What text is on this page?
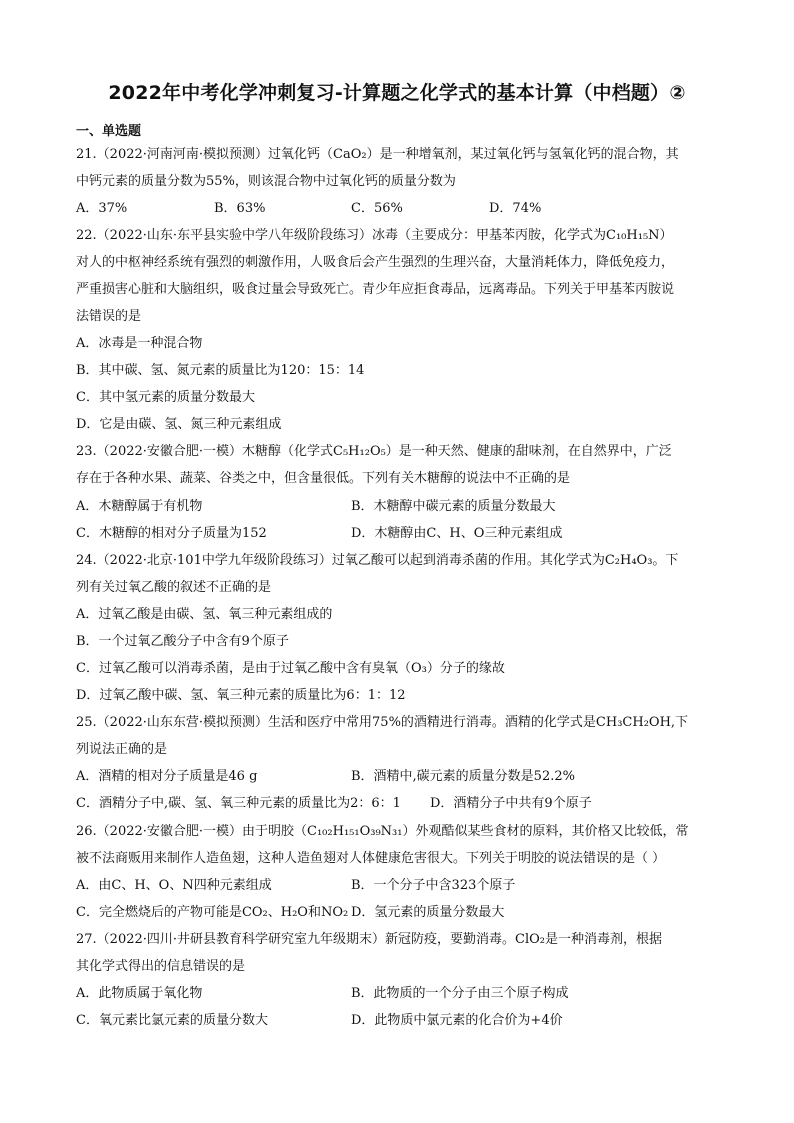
2022年中考化学冲刺复习-计算题之化学式的基本计算（中档题）②
一、单选题
21.（2022·河南河南·模拟预测）过氧化钙（CaO₂）是一种增氧剂，某过氧化钙与氢氧化钙的混合物，其
中钙元素的质量分数为55%，则该混合物中过氧化钙的质量分数为
A．37%	B．63%	C．56%	D．74%
22.（2022·山东·东平县实验中学八年级阶段练习）冰毒（主要成分：甲基苯丙胺，化学式为C₁₀H₁₅N）
对人的中枢神经系统有强烈的刺激作用，人吸食后会产生强烈的生理兴奋，大量消耗体力，降低免疫力，
严重损害心脏和大脑组织，吸食过量会导致死亡。青少年应拒食毒品，远离毒品。下列关于甲基苯丙胺说
法错误的是
A．冰毒是一种混合物
B．其中碳、氢、氮元素的质量比为120：15：14
C．其中氢元素的质量分数最大
D．它是由碳、氢、氮三种元素组成
23.（2022·安徽合肥·一模）木糖醇（化学式C₅H₁₂O₅）是一种天然、健康的甜味剂，在自然界中，广泛
存在于各种水果、蔬菜、谷类之中，但含量很低。下列有关木糖醇的说法中不正确的是
A．木糖醇属于有机物	B．木糖醇中碳元素的质量分数最大
C．木糖醇的相对分子质量为152	D．木糖醇由C、H、O三种元素组成
24.（2022·北京·101中学九年级阶段练习）过氧乙酸可以起到消毒杀菌的作用。其化学式为C₂H₄O₃。下
列有关过氧乙酸的叙述不正确的是
A．过氧乙酸是由碳、氢、氧三种元素组成的
B．一个过氧乙酸分子中含有9个原子
C．过氧乙酸可以消毒杀菌，是由于过氧乙酸中含有臭氧（O₃）分子的缘故
D．过氧乙酸中碳、氢、氧三种元素的质量比为6：1：12
25.（2022·山东东营·模拟预测）生活和医疗中常用75%的酒精进行消毒。酒精的化学式是CH₃CH₂OH,下
列说法正确的是
A．酒精的相对分子质量是46 g	B．酒精中,碳元素的质量分数是52.2%
C．酒精分子中,碳、氢、氧三种元素的质量比为2：6：1 D．酒精分子中共有9个原子
26.（2022·安徽合肥·一模）由于明胶（C₁₀₂H₁₅₁O₃₉N₃₁）外观酷似某些食材的原料，其价格又比较低，常
被不法商贩用来制作人造鱼翅，这种人造鱼翅对人体健康危害很大。下列关于明胶的说法错误的是（ ）
A．由C、H、O、N四种元素组成	B．一个分子中含323个原子
C．完全燃烧后的产物可能是CO₂、H₂O和NO₂ D．氢元素的质量分数最大
27.（2022·四川·井研县教育科学研究室九年级期末）新冠防疫，要勤消毒。ClO₂是一种消毒剂，根据
其化学式得出的信息错误的是
A．此物质属于氧化物	B．此物质的一个分子由三个原子构成
C．氧元素比氯元素的质量分数大	D．此物质中氯元素的化合价为+4价
